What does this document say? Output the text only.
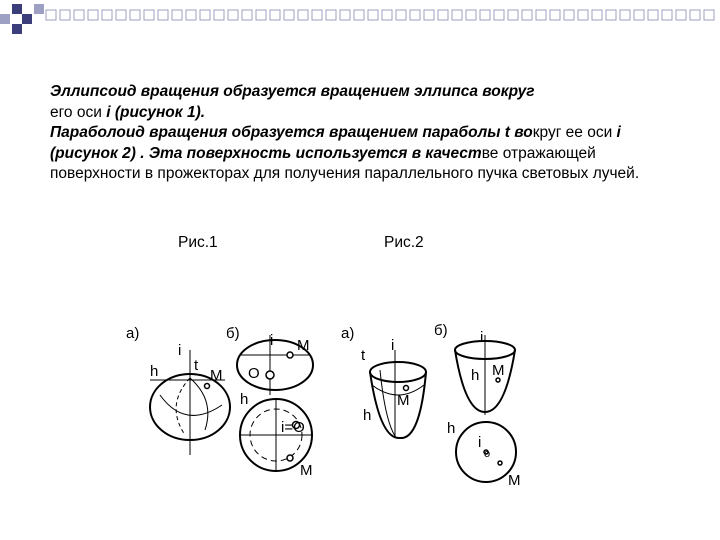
Эллипсоид вращения образуется вращением эллипса вокруг
его оси i (рисунок 1).

Параболоид вращения образуется вращением параболы t вокруг ее оси i (рисунок 2) . Эта поверхность используется в качестве отражающей поверхности в прожекторах для получения параллельного пучка световых лучей.

Рис.1	Рис.2
а)
i
t
h	M
б) i M
O
h
i=O
M
а)
t
i
M
h
б) i
h M
h
i
o
M
